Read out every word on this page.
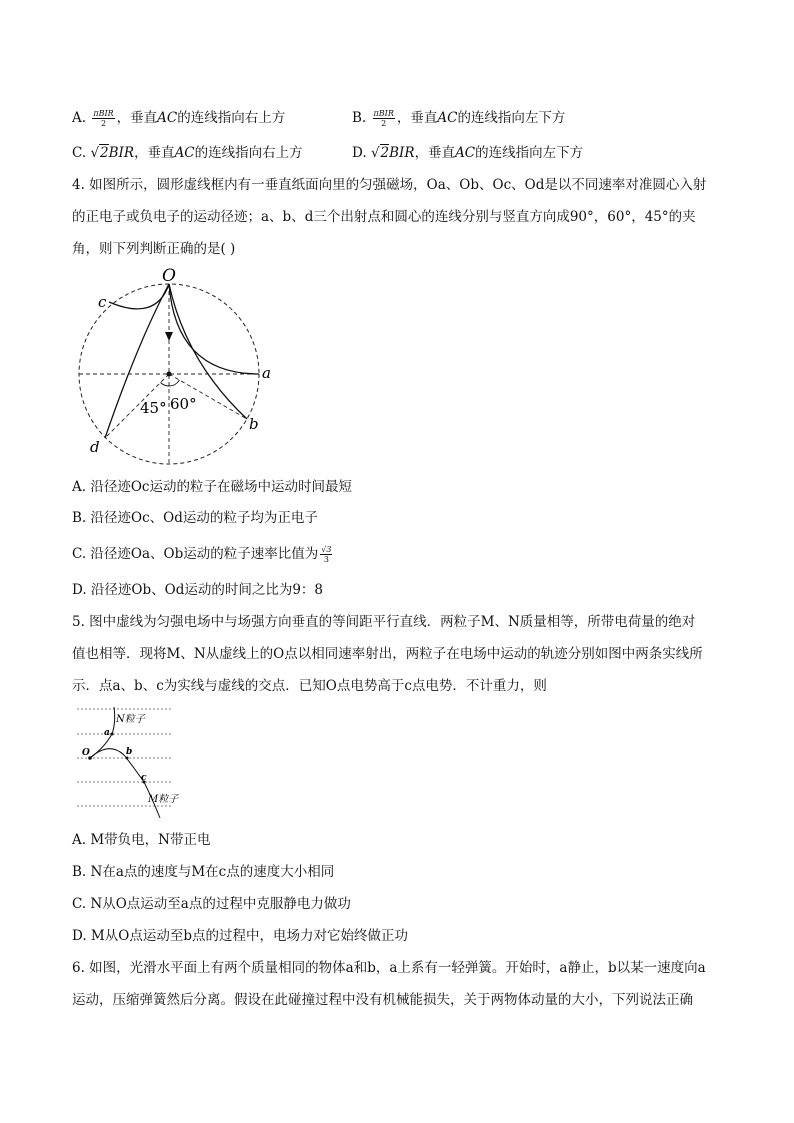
A. $\frac{\text{πBIR}}{2}$ ，垂直AC的连线指向右上方	B. $\frac{\text{πBIR}}{2}$ ，垂直AC的连线指向左下方
C. √2BIR，垂直AC的连线指向右上方	D. √2BIR，垂直AC的连线指向左下方
4. 如图所示，圆形虚线框内有一垂直纸面向里的匀强磁场，Oa、Ob、Oc、Od是以不同速率对准圆心入射
的正电子或负电子的运动径迹；a、b、d三个出射点和圆心的连线分别与竖直方向成90°，60°，45°的夹
角，则下列判断正确的是( )
O
a
b
c
d
45° 60°
A. 沿径迹Oc运动的粒子在磁场中运动时间最短
B. 沿径迹Oc、Od运动的粒子均为正电子
C. 沿径迹Oa、Ob运动的粒子速率比值为 $\frac{√3}{3}$
D. 沿径迹Ob、Od运动的时间之比为9：8
5. 图中虚线为匀强电场中与场强方向垂直的等间距平行直线．两粒子M、N质量相等，所带电荷量的绝对
值也相等．现将M、N从虚线上的O点以相同速率射出，两粒子在电场中运动的轨迹分别如图中两条实线所
示．点a、b、c为实线与虚线的交点．已知O点电势高于c点电势．不计重力，则
N粒子
M粒子
O
a
b
c
A. M带负电，N带正电
B. N在a点的速度与M在c点的速度大小相同
C. N从O点运动至a点的过程中克服静电力做功
D. M从O点运动至b点的过程中，电场力对它始终做正功
6. 如图，光滑水平面上有两个质量相同的物体a和b，a上系有一轻弹簧。开始时，a静止，b以某一速度向a
运动，压缩弹簧然后分离。假设在此碰撞过程中没有机械能损失，关于两物体动量的大小，下列说法正确
